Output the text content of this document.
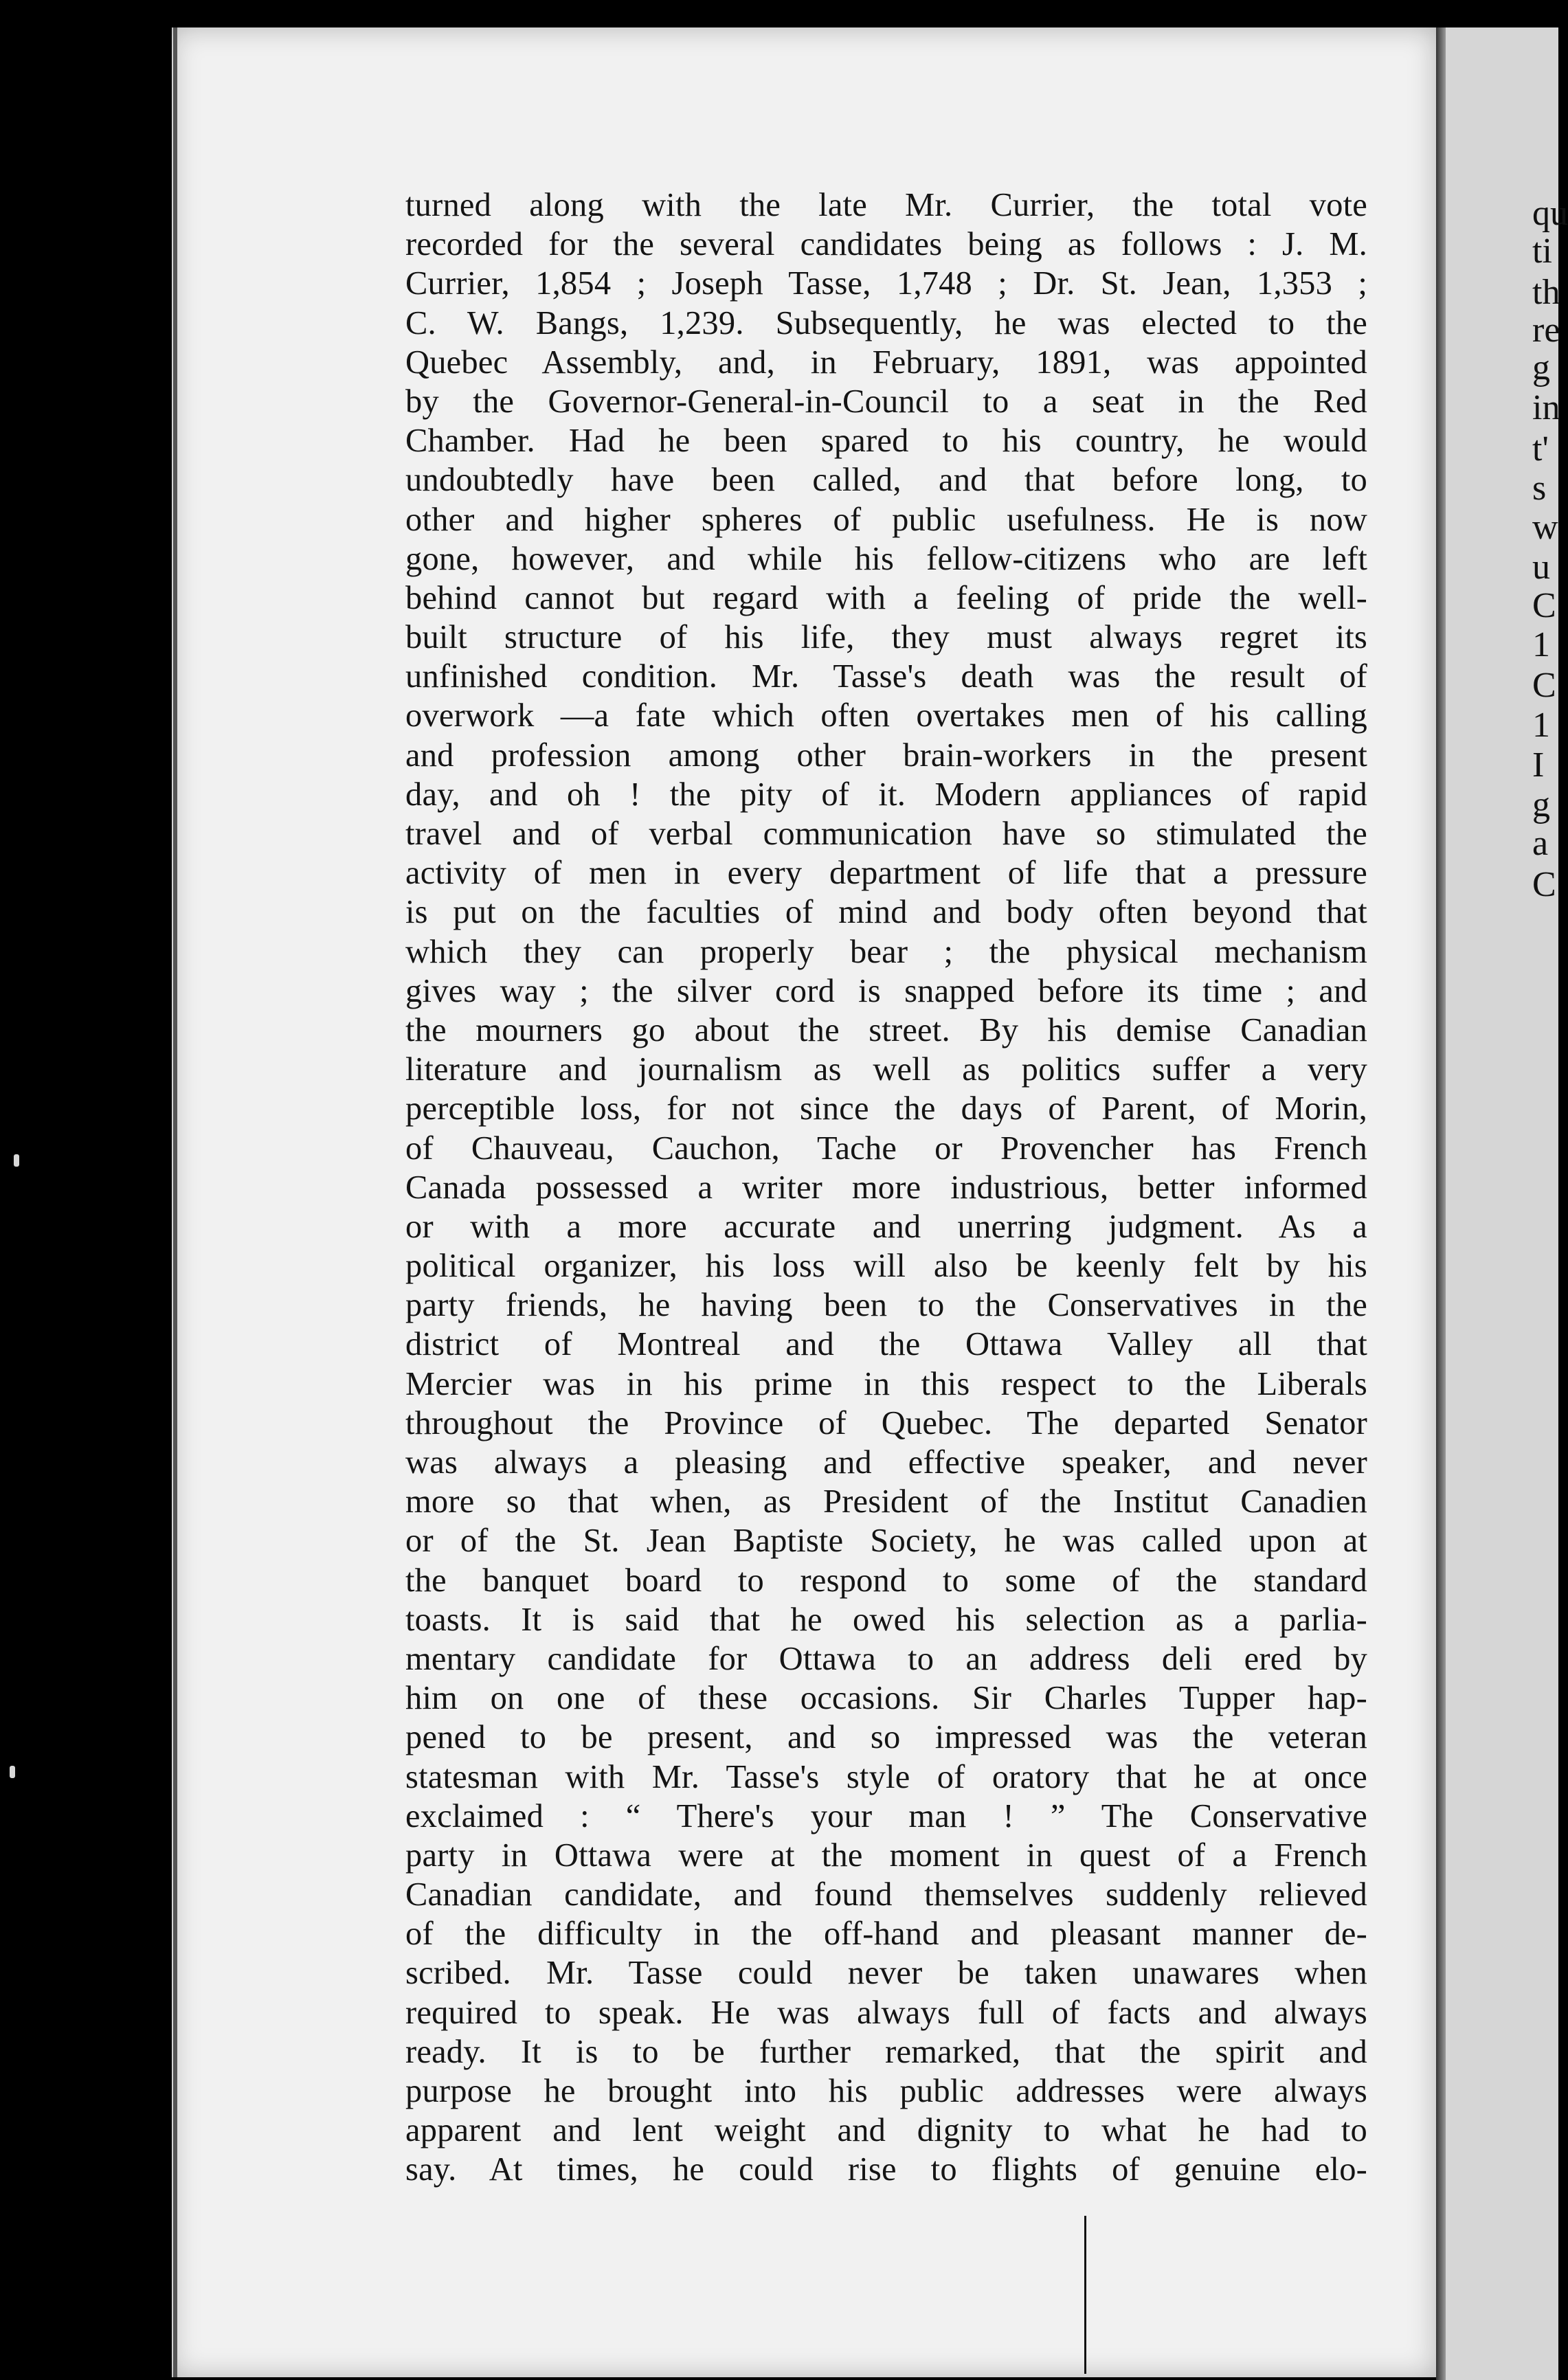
qu
ti
th
re
g
in
t'
s
w
u
C
1
C
1
I
g
a
C
turned along with the late Mr. Currier, the total vote
recorded for the several candidates being as follows : J. M.
Currier, 1,854 ; Joseph Tasse, 1,748 ; Dr. St. Jean, 1,353 ;
C. W. Bangs, 1,239. Subsequently, he was elected to the
Quebec Assembly, and, in February, 1891, was appointed
by the Governor-General-in-Council to a seat in the Red
Chamber. Had he been spared to his country, he would
undoubtedly have been called, and that before long, to
other and higher spheres of public usefulness. He is now
gone, however, and while his fellow-citizens who are left
behind cannot but regard with a feeling of pride the well-
built structure of his life, they must always regret its
unfinished condition. Mr. Tasse's death was the result of
overwork —a fate which often overtakes men of his calling
and profession among other brain-workers in the present
day, and oh ! the pity of it. Modern appliances of rapid
travel and of verbal communication have so stimulated the
activity of men in every department of life that a pressure
is put on the faculties of mind and body often beyond that
which they can properly bear ; the physical mechanism
gives way ; the silver cord is snapped before its time ; and
the mourners go about the street. By his demise Canadian
literature and journalism as well as politics suffer a very
perceptible loss, for not since the days of Parent, of Morin,
of Chauveau, Cauchon, Tache or Provencher has French
Canada possessed a writer more industrious, better informed
or with a more accurate and unerring judgment. As a
political organizer, his loss will also be keenly felt by his
party friends, he having been to the Conservatives in the
district of Montreal and the Ottawa Valley all that
Mercier was in his prime in this respect to the Liberals
throughout the Province of Quebec. The departed Senator
was always a pleasing and effective speaker, and never
more so that when, as President of the Institut Canadien
or of the St. Jean Baptiste Society, he was called upon at
the banquet board to respond to some of the standard
toasts. It is said that he owed his selection as a parlia-
mentary candidate for Ottawa to an address deli ered by
him on one of these occasions. Sir Charles Tupper hap-
pened to be present, and so impressed was the veteran
statesman with Mr. Tasse's style of oratory that he at once
exclaimed : “ There's your man ! ” The Conservative
party in Ottawa were at the moment in quest of a French
Canadian candidate, and found themselves suddenly relieved
of the difficulty in the off-hand and pleasant manner de-
scribed. Mr. Tasse could never be taken unawares when
required to speak. He was always full of facts and always
ready. It is to be further remarked, that the spirit and
purpose he brought into his public addresses were always
apparent and lent weight and dignity to what he had to
say. At times, he could rise to flights of genuine elo-
